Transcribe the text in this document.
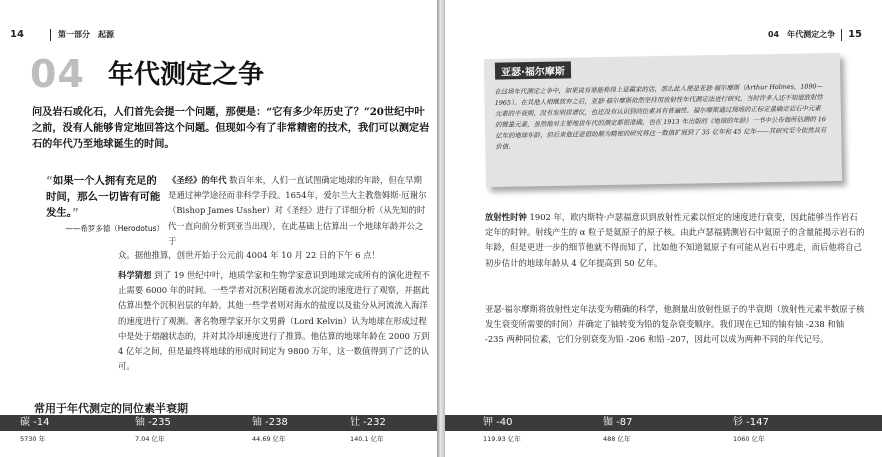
14	第一部分　起源
04 年代测定之争
问及岩石或化石，人们首先会提一个问题，那便是：“它有多少年历史了？”20世纪中叶之前，没有人能够肯定地回答这个问题。但现如今有了非常精密的技术，我们可以测定岩石的年代乃至地球诞生的时间。
“如果一个人拥有充足的时间，那么一切皆有可能发生。”
——希罗多德（Herodotus）
《圣经》的年代 数百年来，人们一直试图确定地球的年龄，但在早期是通过神学途径而非科学手段。1654年，爱尔兰大主教詹姆斯·厄谢尔（Bishop James Ussher）对《圣经》进行了详细分析（从先知的时代一直向前分析到亚当出现），在此基础上估算出一个地球年龄并公之于
众。据他推算，创世开始于公元前 4004 年 10 月 22 日的下午 6 点！
科学猜想 到了 19 世纪中叶，地质学家和生物学家意识到地球完成所有的演化进程不止需要 6000 年的时间。一些学者对沉积岩随着流水沉淀的速度进行了观察，并据此估算出整个沉积岩层的年龄。其他一些学者则对海水的盐度以及盐分从河流流入海洋的速度进行了观测。著名物理学家开尔文男爵（Lord Kelvin）认为地球在形成过程中是处于熔融状态的，并对其冷却速度进行了推算。他估算的地球年龄在 2000 万到 4 亿年之间，但是最终将地球的形成时间定为 9800 万年，这一数值得到了广泛的认可。
常用于年代测定的同位素半衰期
碳 -14
5730 年
铀 -235
7.04 亿年
铀 -238
44.69 亿年
钍 -232
140.1 亿年
04　年代测定之争 15
亚瑟·福尔摩斯
在这场年代测定之争中，如果说有谁能称得上是赢家的话，那么此人便是亚瑟·福尔摩斯（Arthur Holmes，1890—1965）。在其他人相继放弃之后，亚瑟·福尔摩斯依然坚持用放射性年代测定法进行研究。当时许多人还不知道放射性元素的半衰期，没有发明质谱仪，也还没有认识到同位素具有普遍性。福尔摩斯通过现场的正标定量确定岩石中元素的微量元素，虽然他对主要地质年代的测定都很准确，也在 1913 年出版的《地球的年龄》一书中公布他所估测的 16 亿年的地球年龄，但后来他还是借助颇为精密的研究将这一数值扩展到了 35 亿年和 45 亿年——其研究至今依然具有价值。
放射性时钟 1902 年，欧内斯特·卢瑟福意识到放射性元素以恒定的速度进行衰变，因此能够当作岩石定年的时钟。射线产生的 α 粒子是氦原子的原子核。由此卢瑟福猜测岩石中氦原子的含量能揭示岩石的年龄，但是更进一步的细节他就不得而知了，比如他不知道氦原子有可能从岩石中逃走，而后他将自己初步估计的地球年龄从 4 亿年提高到 50 亿年。
亚瑟·福尔摩斯将放射性定年法变为精确的科学，他测量出放射性原子的半衰期（放射性元素半数原子核发生衰变所需要的时间）并确定了铀转变为铅的复杂衰变顺序。我们现在已知的铀有铀 -238 和铀 -235 两种同位素，它们分别衰变为铅 -206 和铅 -207，因此可以成为两种不同的年代记号。
钾 -40
119.93 亿年
铷 -87
488 亿年
钐 -147
1060 亿年
